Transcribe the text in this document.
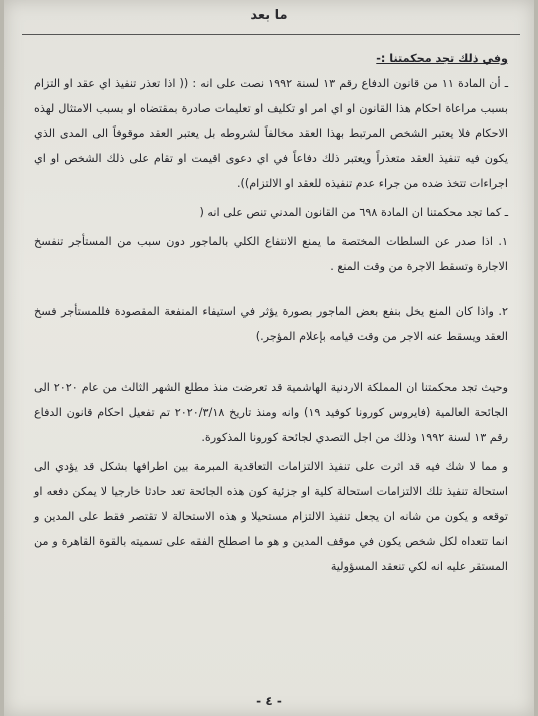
ما بعد

وفي ذلك تجد محكمتنا :-

ـ أن المادة ١١ من قانون الدفاع رقم ١٣ لسنة ١٩٩٢ نصت على انه : (( اذا تعذر تنفيذ اي عقد او التزام بسبب مراعاة احكام هذا القانون او اي امر او تكليف او تعليمات صادرة بمقتضاه او بسبب الامتثال لهذه الاحكام فلا يعتبر الشخص المرتبط بهذا العقد مخالفاً لشروطه بل يعتبر العقد موقوفاً الى المدى الذي يكون فيه تنفيذ العقد متعذراً ويعتبر ذلك دفاعاً في اي دعوى اقيمت او تقام على ذلك الشخص او اي اجراءات تتخذ ضده من جراء عدم تنفيذه للعقد او الالتزام)).

ـ كما تجد محكمتنا ان المادة ٦٩٨ من القانون المدني تنص على انه (

١. اذا صدر عن السلطات المختصة ما يمنع الانتفاع الكلي بالماجور دون سبب من المستأجر تنفسخ الاجارة وتسقط الاجرة من وقت المنع .

٢. واذا كان المنع يخل بنفع بعض الماجور بصورة يؤثر في استيفاء المنفعة المقصودة فللمستأجر فسخ العقد ويسقط عنه الاجر من وقت قيامه بإعلام المؤجر.)

وحيث تجد محكمتنا ان المملكة الاردنية الهاشمية قد تعرضت منذ مطلع الشهر الثالث من عام ٢٠٢٠ الى الجائحة العالمية (فايروس كورونا كوفيد ١٩) وانه ومنذ تاريخ ٢٠٢٠/٣/١٨ تم تفعيل احكام قانون الدفاع رقم ١٣ لسنة ١٩٩٢ وذلك من اجل التصدي لجائحة كورونا المذكورة.

و مما لا شك فيه قد اثرت على تنفيذ الالتزامات التعاقدية المبرمة بين اطرافها بشكل قد يؤدي الى استحالة تنفيذ تلك الالتزامات استحالة كلية او جزئية كون هذه الجائحة تعد حادثا خارجيا لا يمكن دفعه او توقعه و يكون من شانه ان يجعل تنفيذ الالتزام مستحيلا و هذه الاستحالة لا تقتصر فقط على المدين و انما تتعداه لكل شخص يكون في موقف المدين و هو ما اصطلح الفقه على تسميته بالقوة القاهرة و من المستقر عليه انه لكي تنعقد المسؤولية

- ٤ -
